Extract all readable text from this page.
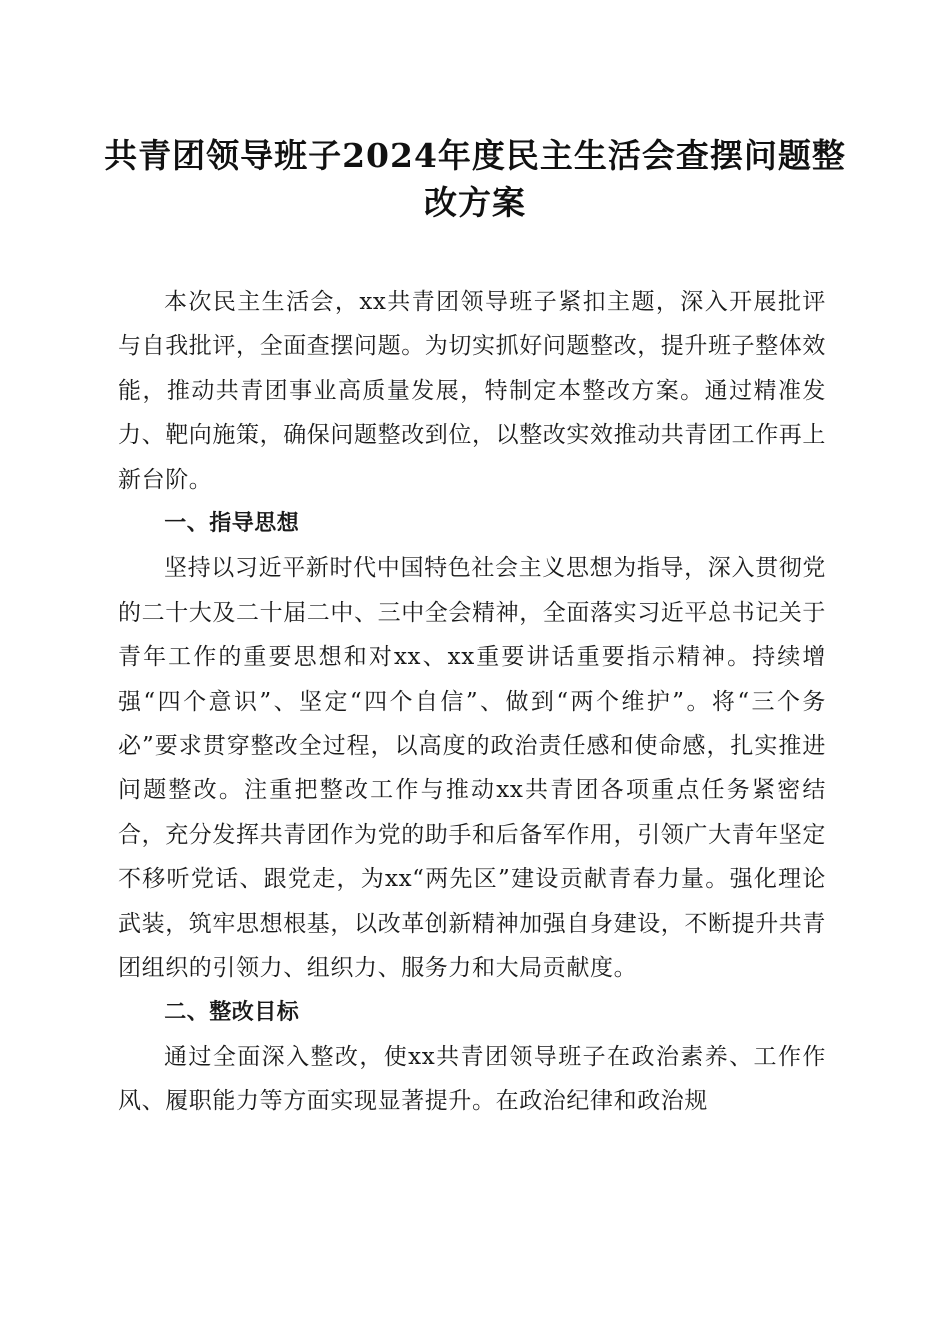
共青团领导班子2024年度民主生活会查摆问题整改方案

本次民主生活会，xx共青团领导班子紧扣主题，深入开展批评与自我批评，全面查摆问题。为切实抓好问题整改，提升班子整体效能，推动共青团事业高质量发展，特制定本整改方案。通过精准发力、靶向施策，确保问题整改到位，以整改实效推动共青团工作再上新台阶。

一、指导思想

坚持以习近平新时代中国特色社会主义思想为指导，深入贯彻党的二十大及二十届二中、三中全会精神，全面落实习近平总书记关于青年工作的重要思想和对xx、xx重要讲话重要指示精神。持续增强“四个意识”、坚定“四个自信”、做到“两个维护”。将“三个务必”要求贯穿整改全过程，以高度的政治责任感和使命感，扎实推进问题整改。注重把整改工作与推动xx共青团各项重点任务紧密结合，充分发挥共青团作为党的助手和后备军作用，引领广大青年坚定不移听党话、跟党走，为xx“两先区”建设贡献青春力量。强化理论武装，筑牢思想根基，以改革创新精神加强自身建设，不断提升共青团组织的引领力、组织力、服务力和大局贡献度。

二、整改目标

通过全面深入整改，使xx共青团领导班子在政治素养、工作作风、履职能力等方面实现显著提升。在政治纪律和政治规
